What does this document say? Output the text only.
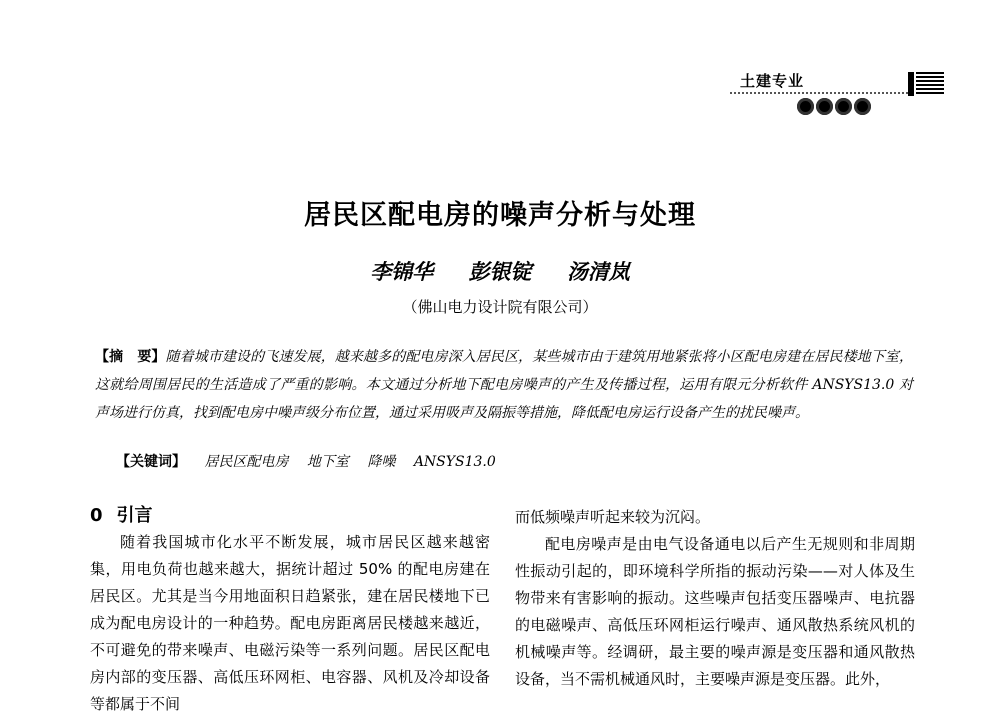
土建专业
居民区配电房的噪声分析与处理
李锦华 彭银锭 汤清岚
（佛山电力设计院有限公司）
【摘　要】随着城市建设的飞速发展，越来越多的配电房深入居民区，某些城市由于建筑用地紧张将小区配电房建在居民楼地下室，这就给周围居民的生活造成了严重的影响。本文通过分析地下配电房噪声的产生及传播过程，运用有限元分析软件 ANSYS13.0 对声场进行仿真，找到配电房中噪声级分布位置，通过采用吸声及隔振等措施，降低配电房运行设备产生的扰民噪声。
【关键词】 居民区配电房 地下室 降噪 ANSYS13.0
0 引言

随着我国城市化水平不断发展，城市居民区越来越密集，用电负荷也越来越大，据统计超过 50% 的配电房建在居民区。尤其是当今用地面积日趋紧张，建在居民楼地下已成为配电房设计的一种趋势。配电房距离居民楼越来越近，不可避免的带来噪声、电磁污染等一系列问题。居民区配电房内部的变压器、高低压环网柜、电容器、风机及冷却设备等都属于不间

而低频噪声听起来较为沉闷。

配电房噪声是由电气设备通电以后产生无规则和非周期性振动引起的，即环境科学所指的振动污染——对人体及生物带来有害影响的振动。这些噪声包括变压器噪声、电抗器的电磁噪声、高低压环网柜运行噪声、通风散热系统风机的机械噪声等。经调研，最主要的噪声源是变压器和通风散热设备，当不需机械通风时，主要噪声源是变压器。此外，
